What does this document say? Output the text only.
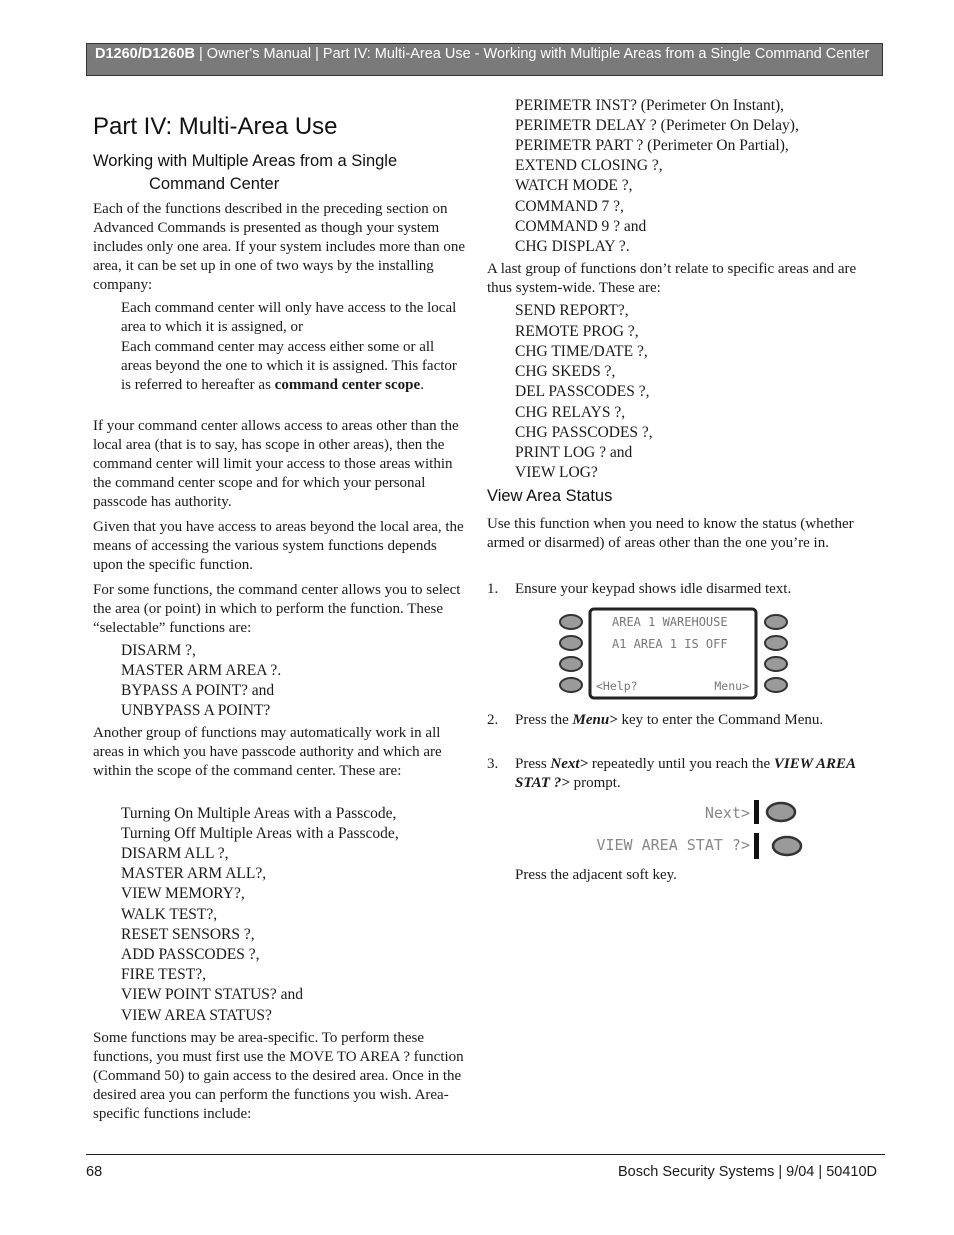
D1260/D1260B | Owner's Manual | Part IV: Multi-Area Use - Working with Multiple Areas from a Single Command Center
Part IV: Multi-Area Use
Working with Multiple Areas from a Single
Command Center

Each of the functions described in the preceding section on Advanced Commands is presented as though your system includes only one area. If your system includes more than one area, it can be set up in one of two ways by the installing company:

Each command center will only have access to the local area to which it is assigned, or

Each command center may access either some or all areas beyond the one to which it is assigned. This factor is referred to hereafter as command center scope.

If your command center allows access to areas other than the local area (that is to say, has scope in other areas), then the command center will limit your access to those areas within the command center scope and for which your personal passcode has authority.

Given that you have access to areas beyond the local area, the means of accessing the various system functions depends upon the specific function.

For some functions, the command center allows you to select the area (or point) in which to perform the function. These “selectable” functions are:

DISARM ?,
MASTER ARM AREA ?.
BYPASS A POINT? and
UNBYPASS A POINT?

Another group of functions may automatically work in all areas in which you have passcode authority and which are within the scope of the command center. These are:

Turning On Multiple Areas with a Passcode,
Turning Off Multiple Areas with a Passcode,
DISARM ALL ?,
MASTER ARM ALL?,
VIEW MEMORY?,
WALK TEST?,
RESET SENSORS ?,
ADD PASSCODES ?,
FIRE TEST?,
VIEW POINT STATUS? and
VIEW AREA STATUS?

Some functions may be area-specific. To perform these functions, you must first use the MOVE TO AREA ? function (Command 50) to gain access to the desired area. Once in the desired area you can perform the functions you wish. Area-specific functions include:

PERIMETR INST? (Perimeter On Instant),
PERIMETR DELAY ? (Perimeter On Delay),
PERIMETR PART ? (Perimeter On Partial),
EXTEND CLOSING ?,
WATCH MODE ?,
COMMAND 7 ?,
COMMAND 9 ? and
CHG DISPLAY ?.

A last group of functions don’t relate to specific areas and are thus system-wide. These are:

SEND REPORT?,
REMOTE PROG ?,
CHG TIME/DATE ?,
CHG SKEDS ?,
DEL PASSCODES ?,
CHG RELAYS ?,
CHG PASSCODES ?,
PRINT LOG ? and
VIEW LOG?
View Area Status

Use this function when you need to know the status (whether armed or disarmed) of areas other than the one you’re in.

1. Ensure your keypad shows idle disarmed text.
AREA 1 WAREHOUSE
A1 AREA 1 IS OFF
<Help?	Menu>
2. Press the Menu> key to enter the Command Menu.
3. Press Next> repeatedly until you reach the VIEW AREA STAT ?> prompt.
Next>
VIEW AREA STAT ?>

Press the adjacent soft key.

68	Bosch Security Systems | 9/04 | 50410D
